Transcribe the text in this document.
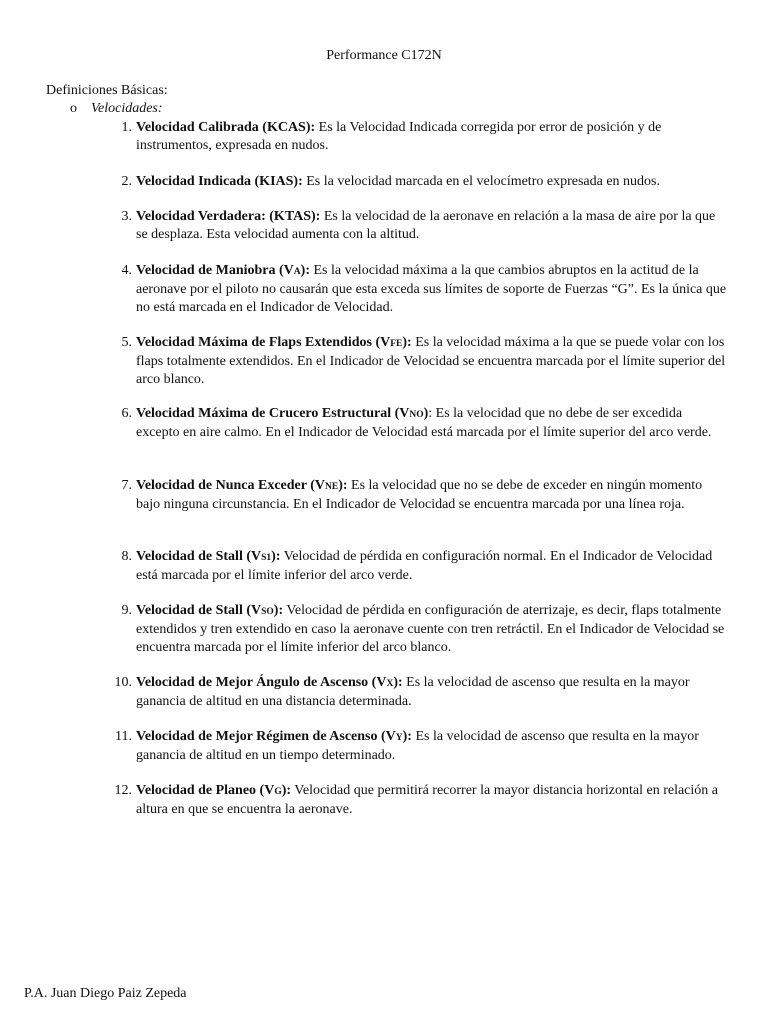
Performance C172N
Definiciones Básicas:
o Velocidades:
1. Velocidad Calibrada (KCAS): Es la Velocidad Indicada corregida por error de posición y de instrumentos, expresada en nudos.
2. Velocidad Indicada (KIAS): Es la velocidad marcada en el velocímetro expresada en nudos.
3. Velocidad Verdadera: (KTAS): Es la velocidad de la aeronave en relación a la masa de aire por la que se desplaza. Esta velocidad aumenta con la altitud.
4. Velocidad de Maniobra (VA): Es la velocidad máxima a la que cambios abruptos en la actitud de la aeronave por el piloto no causarán que esta exceda sus límites de soporte de Fuerzas “G”. Es la única que no está marcada en el Indicador de Velocidad.
5. Velocidad Máxima de Flaps Extendidos (VFE): Es la velocidad máxima a la que se puede volar con los flaps totalmente extendidos. En el Indicador de Velocidad se encuentra marcada por el límite superior del arco blanco.
6. Velocidad Máxima de Crucero Estructural (VNO): Es la velocidad que no debe de ser excedida excepto en aire calmo. En el Indicador de Velocidad está marcada por el límite superior del arco verde.
7. Velocidad de Nunca Exceder (VNE): Es la velocidad que no se debe de exceder en ningún momento bajo ninguna circunstancia. En el Indicador de Velocidad se encuentra marcada por una línea roja.
8. Velocidad de Stall (VS1): Velocidad de pérdida en configuración normal. En el Indicador de Velocidad está marcada por el límite inferior del arco verde.
9. Velocidad de Stall (VSO): Velocidad de pérdida en configuración de aterrizaje, es decir, flaps totalmente extendidos y tren extendido en caso la aeronave cuente con tren retráctil. En el Indicador de Velocidad se encuentra marcada por el límite inferior del arco blanco.
10. Velocidad de Mejor Ángulo de Ascenso (VX): Es la velocidad de ascenso que resulta en la mayor ganancia de altitud en una distancia determinada.
11. Velocidad de Mejor Régimen de Ascenso (VY): Es la velocidad de ascenso que resulta en la mayor ganancia de altitud en un tiempo determinado.
12. Velocidad de Planeo (VG): Velocidad que permitirá recorrer la mayor distancia horizontal en relación a altura en que se encuentra la aeronave.
P.A. Juan Diego Paiz Zepeda
